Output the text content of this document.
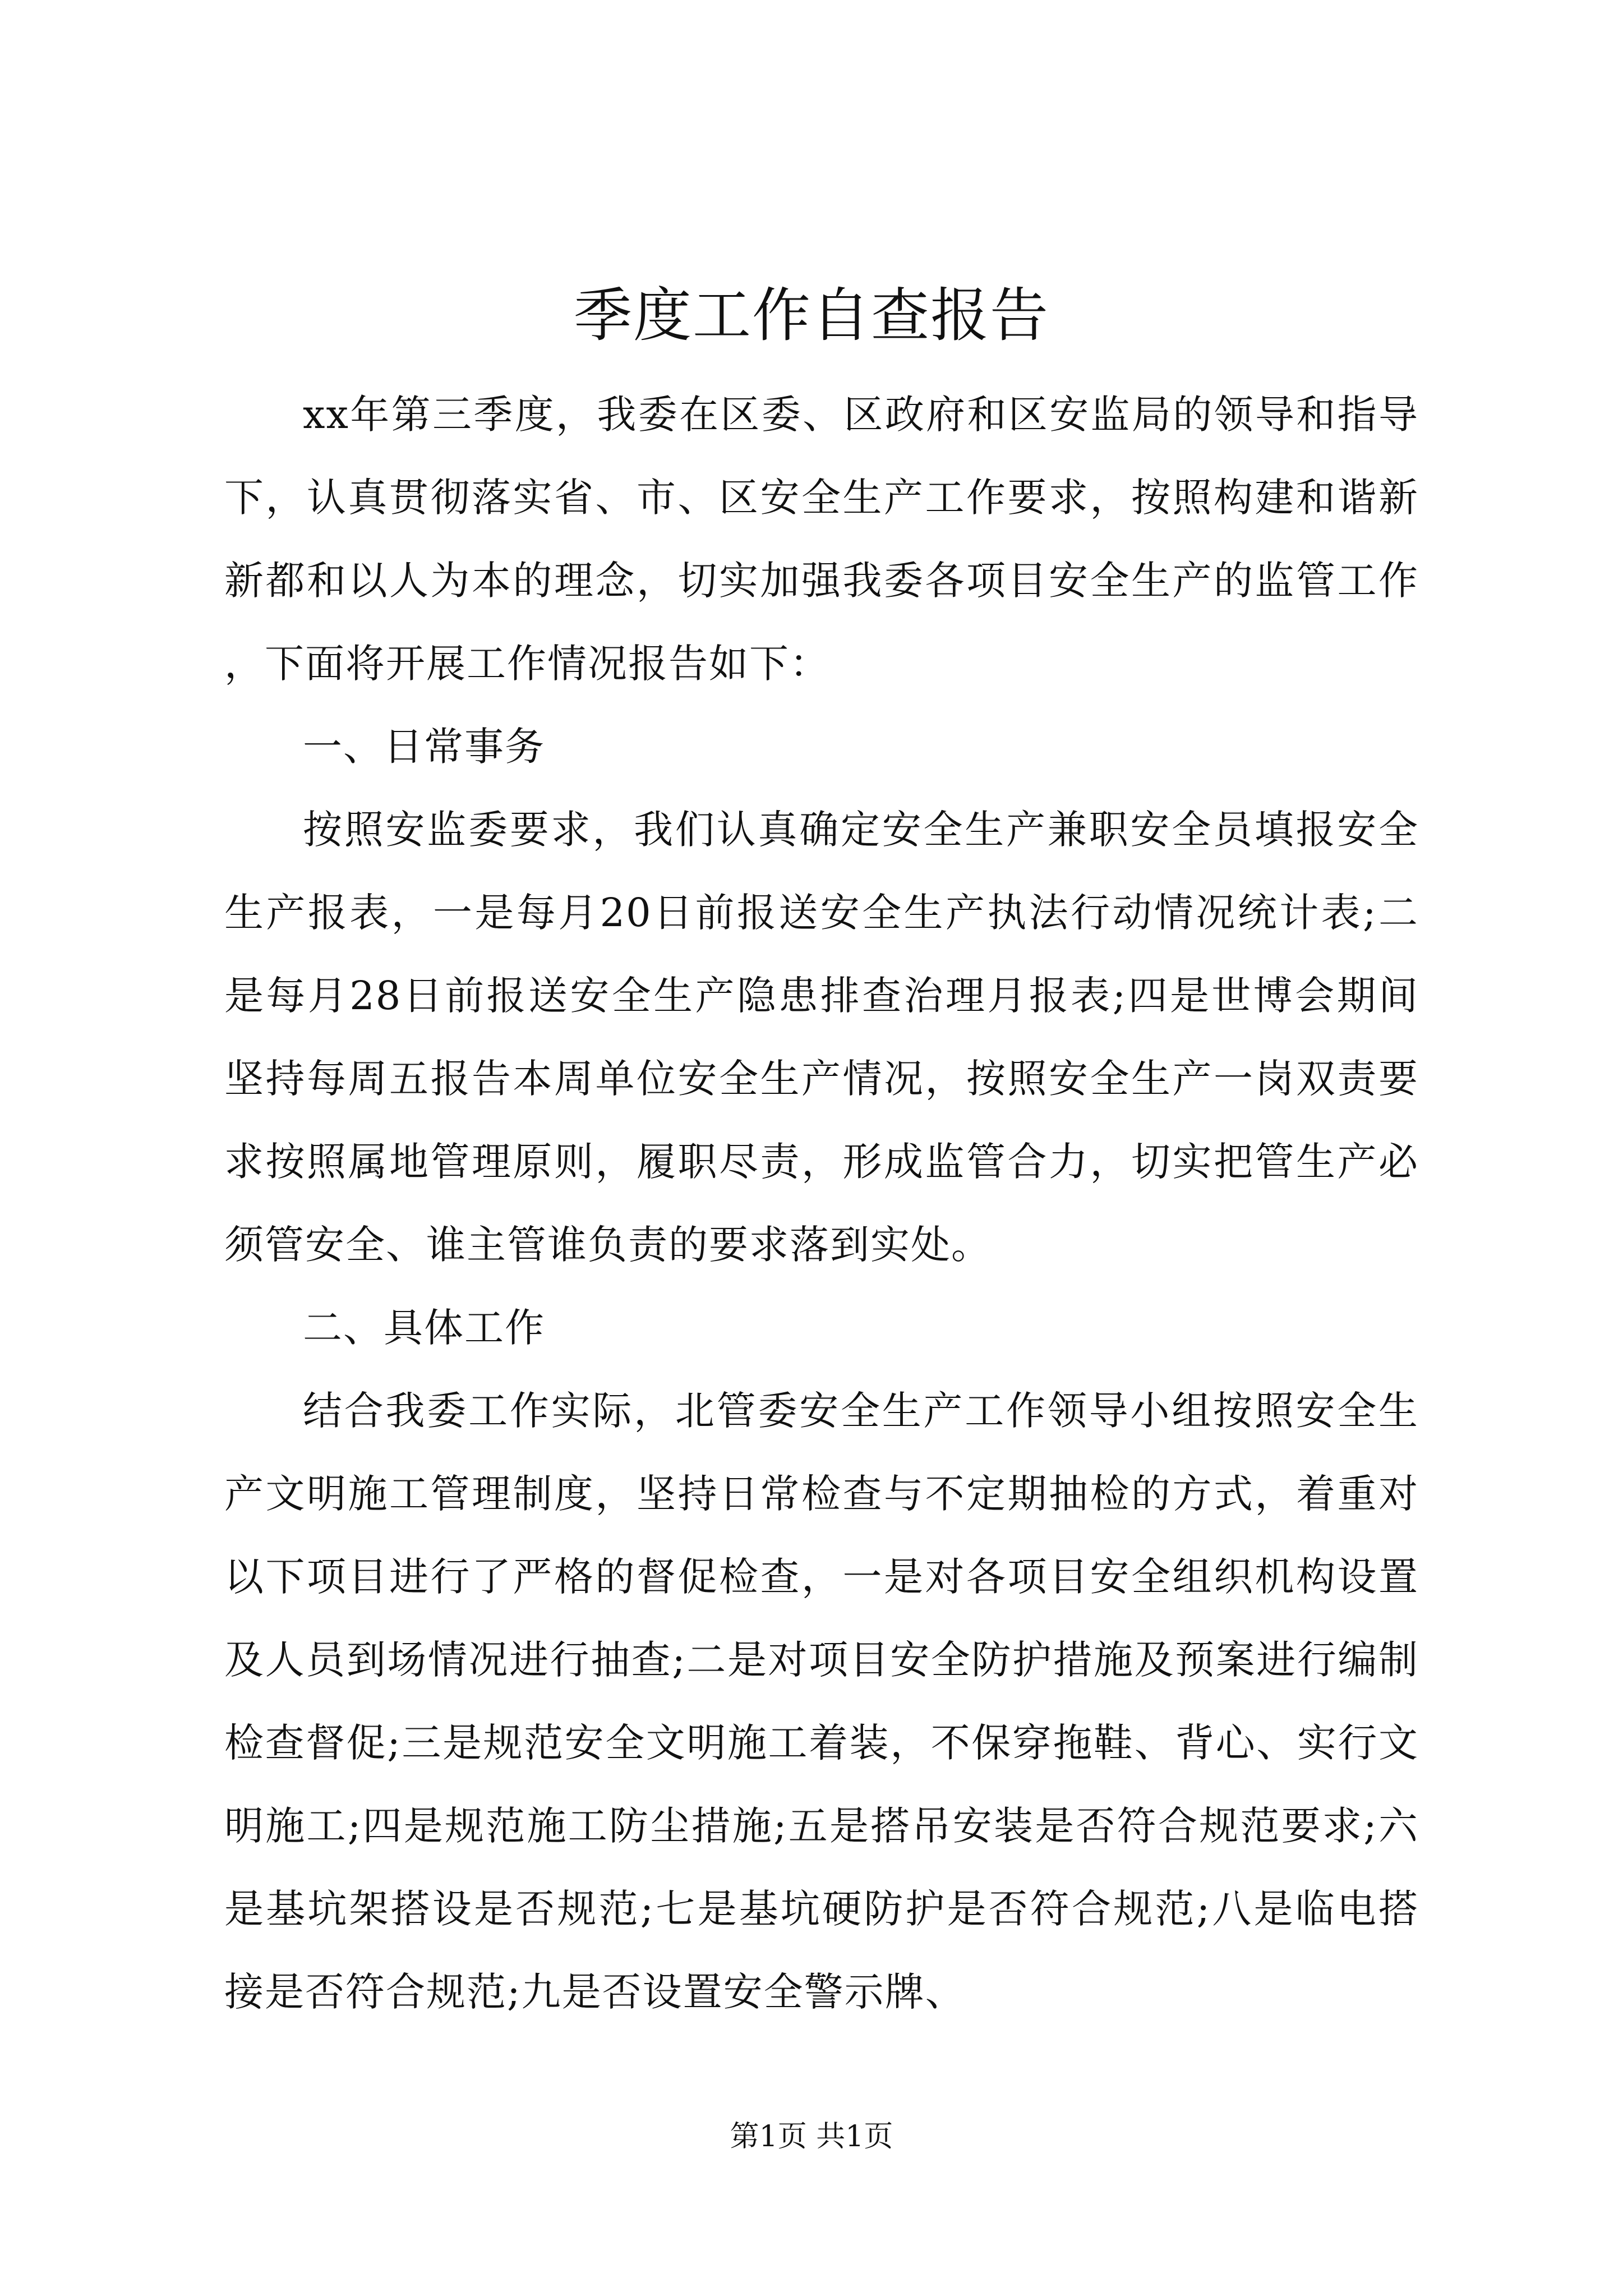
季度工作自查报告

xx年第三季度，我委在区委、区政府和区安监局的领导和指导下，认真贯彻落实省、市、区安全生产工作要求，按照构建和谐新新都和以人为本的理念，切实加强我委各项目安全生产的监管工作，下面将开展工作情况报告如下：

一、日常事务

按照安监委要求，我们认真确定安全生产兼职安全员填报安全生产报表，一是每月20日前报送安全生产执法行动情况统计表;二是每月28日前报送安全生产隐患排查治理月报表;四是世博会期间坚持每周五报告本周单位安全生产情况，按照安全生产一岗双责要求按照属地管理原则，履职尽责，形成监管合力，切实把管生产必须管安全、谁主管谁负责的要求落到实处。

二、具体工作

结合我委工作实际，北管委安全生产工作领导小组按照安全生产文明施工管理制度，坚持日常检查与不定期抽检的方式，着重对以下项目进行了严格的督促检查，一是对各项目安全组织机构设置及人员到场情况进行抽查;二是对项目安全防护措施及预案进行编制检查督促;三是规范安全文明施工着装，不保穿拖鞋、背心、实行文明施工;四是规范施工防尘措施;五是搭吊安装是否符合规范要求;六是基坑架搭设是否规范;七是基坑硬防护是否符合规范;八是临电搭接是否符合规范;九是否设置安全警示牌、

第1页 共1页
